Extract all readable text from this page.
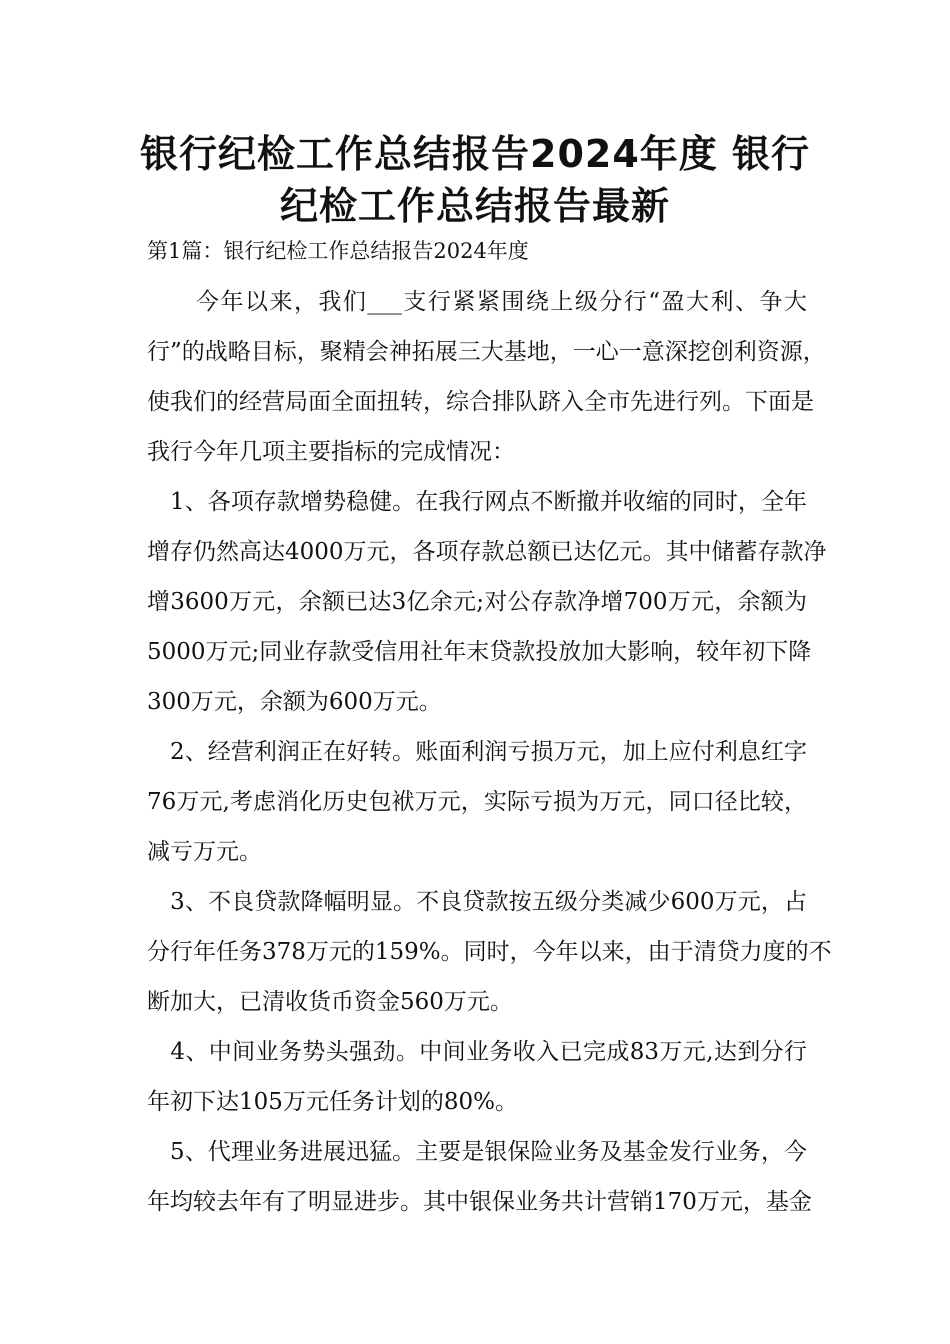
银行纪检工作总结报告2024年度 银行
纪检工作总结报告最新

第1篇：银行纪检工作总结报告2024年度

　　今年以来，我们___支行紧紧围绕上级分行“盈大利、争大

行”的战略目标，聚精会神拓展三大基地，一心一意深挖创利资源，

使我们的经营局面全面扭转，综合排队跻入全市先进行列。下面是

我行今年几项主要指标的完成情况：

　1、各项存款增势稳健。在我行网点不断撤并收缩的同时，全年

增存仍然高达4000万元，各项存款总额已达亿元。其中储蓄存款净

增3600万元，余额已达3亿余元;对公存款净增700万元，余额为

5000万元;同业存款受信用社年末贷款投放加大影响，较年初下降

300万元，余额为600万元。

　2、经营利润正在好转。账面利润亏损万元，加上应付利息红字

76万元,考虑消化历史包袱万元，实际亏损为万元，同口径比较，

减亏万元。

　3、不良贷款降幅明显。不良贷款按五级分类减少600万元，占

分行年任务378万元的159%。同时，今年以来，由于清贷力度的不

断加大，已清收货币资金560万元。

　4、中间业务势头强劲。中间业务收入已完成83万元,达到分行

年初下达105万元任务计划的80%。

　5、代理业务进展迅猛。主要是银保险业务及基金发行业务，今

年均较去年有了明显进步。其中银保业务共计营销170万元，基金
